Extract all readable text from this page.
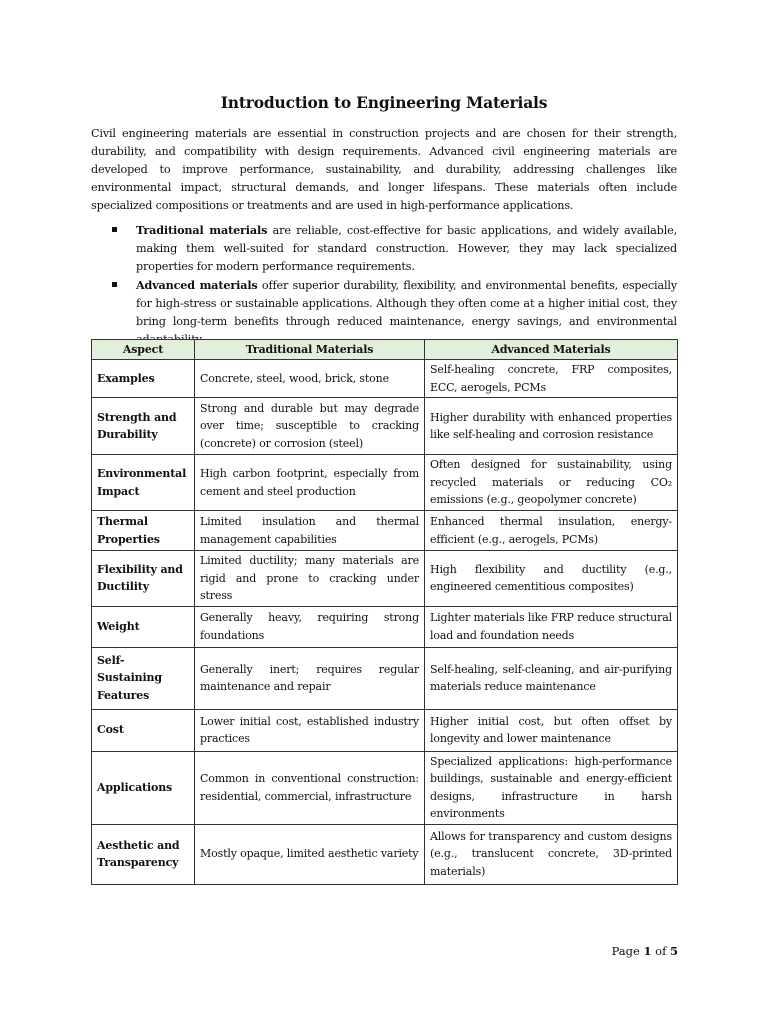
Introduction to Engineering Materials

Civil engineering materials are essential in construction projects and are chosen for their strength, durability, and compatibility with design requirements. Advanced civil engineering materials are developed to improve performance, sustainability, and durability, addressing challenges like environmental impact, structural demands, and longer lifespans. These materials often include specialized compositions or treatments and are used in high-performance applications.

Traditional materials are reliable, cost-effective for basic applications, and widely available, making them well-suited for standard construction. However, they may lack specialized properties for modern performance requirements.
Advanced materials offer superior durability, flexibility, and environmental benefits, especially for high-stress or sustainable applications. Although they often come at a higher initial cost, they bring long-term benefits through reduced maintenance, energy savings, and environmental
Aspect	Traditional Materials	Advanced Materials
Examples	Concrete, steel, wood, brick, stone	Self-healing concrete, FRP composites, ECC, aerogels, PCMs
Strength and Durability	Strong and durable but may degrade over time; susceptible to cracking (concrete) or corrosion (steel)	Higher durability with enhanced properties like self-healing and corrosion resistance
Environmental Impact	High carbon footprint, especially from cement and steel production	Often designed for sustainability, using recycled materials or reducing CO₂ emissions (e.g., geopolymer concrete)
Thermal Properties	Limited insulation and thermal management capabilities	Enhanced thermal insulation, energy-efficient (e.g., aerogels, PCMs)
Flexibility and Ductility	Limited ductility; many materials are rigid and prone to cracking under stress	High flexibility and ductility (e.g., engineered cementitious composites)
Weight	Generally heavy, requiring strong foundations	Lighter materials like FRP reduce structural load and foundation needs
Self-Sustaining Features	Generally inert; requires regular maintenance and repair	Self-healing, self-cleaning, and air-purifying materials reduce maintenance
Cost	Lower initial cost, established industry practices	Higher initial cost, but often offset by longevity and lower maintenance
Applications	Common in conventional construction: residential, commercial, infrastructure	Specialized applications: high-performance buildings, sustainable and energy-efficient designs, infrastructure in harsh environments
Aesthetic and Transparency	Mostly opaque, limited aesthetic variety	Allows for transparency and custom designs (e.g., translucent concrete, 3D-printed materials)
Page 1 of 5
